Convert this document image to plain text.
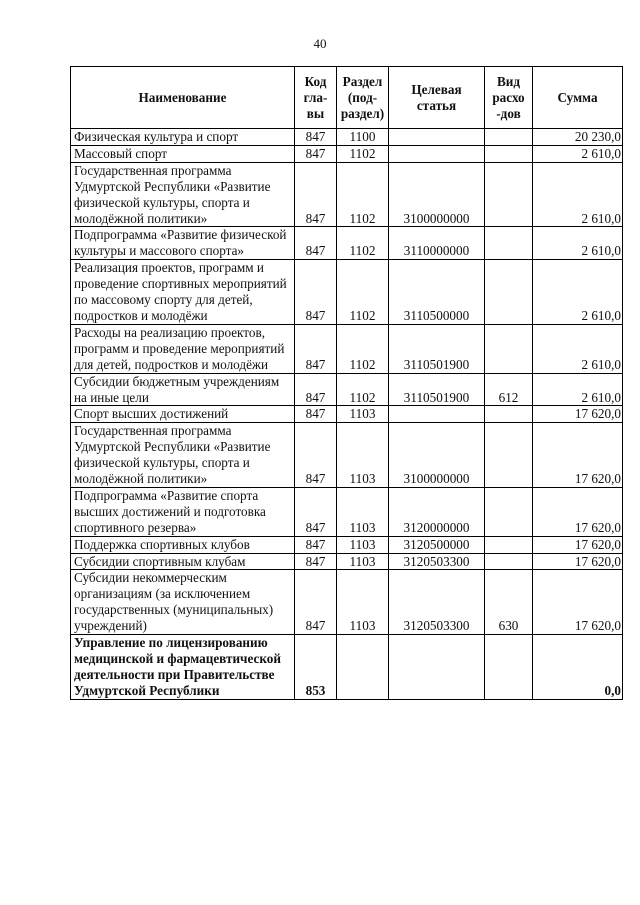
40
Наименование	Код гла- вы	Раздел (под- раздел)	Целевая статья	Вид расхо -дов	Сумма
Физическая культура и спорт	847	1100			20 230,0
Массовый спорт	847	1102			2 610,0
Государственная программа Удмуртской Республики «Развитие физической культуры, спорта и молодёжной политики»	847	1102	3100000000		2 610,0
Подпрограмма «Развитие физической культуры и массового спорта»	847	1102	3110000000		2 610,0
Реализация проектов, программ и проведение спортивных мероприятий по массовому спорту для детей, подростков и молодёжи	847	1102	3110500000		2 610,0
Расходы на реализацию проектов, программ и проведение мероприятий для детей, подростков и молодёжи	847	1102	3110501900		2 610,0
Субсидии бюджетным учреждениям на иные цели	847	1102	3110501900	612	2 610,0
Спорт высших достижений	847	1103			17 620,0
Государственная программа Удмуртской Республики «Развитие физической культуры, спорта и молодёжной политики»	847	1103	3100000000		17 620,0
Подпрограмма «Развитие спорта высших достижений и подготовка спортивного резерва»	847	1103	3120000000		17 620,0
Поддержка спортивных клубов	847	1103	3120500000		17 620,0
Субсидии спортивным клубам	847	1103	3120503300		17 620,0
Субсидии некоммерческим организациям (за исключением государственных (муниципальных) учреждений)	847	1103	3120503300	630	17 620,0
Управление по лицензированию медицинской и фармацевтической деятельности при Правительстве Удмуртской Республики	853				0,0
